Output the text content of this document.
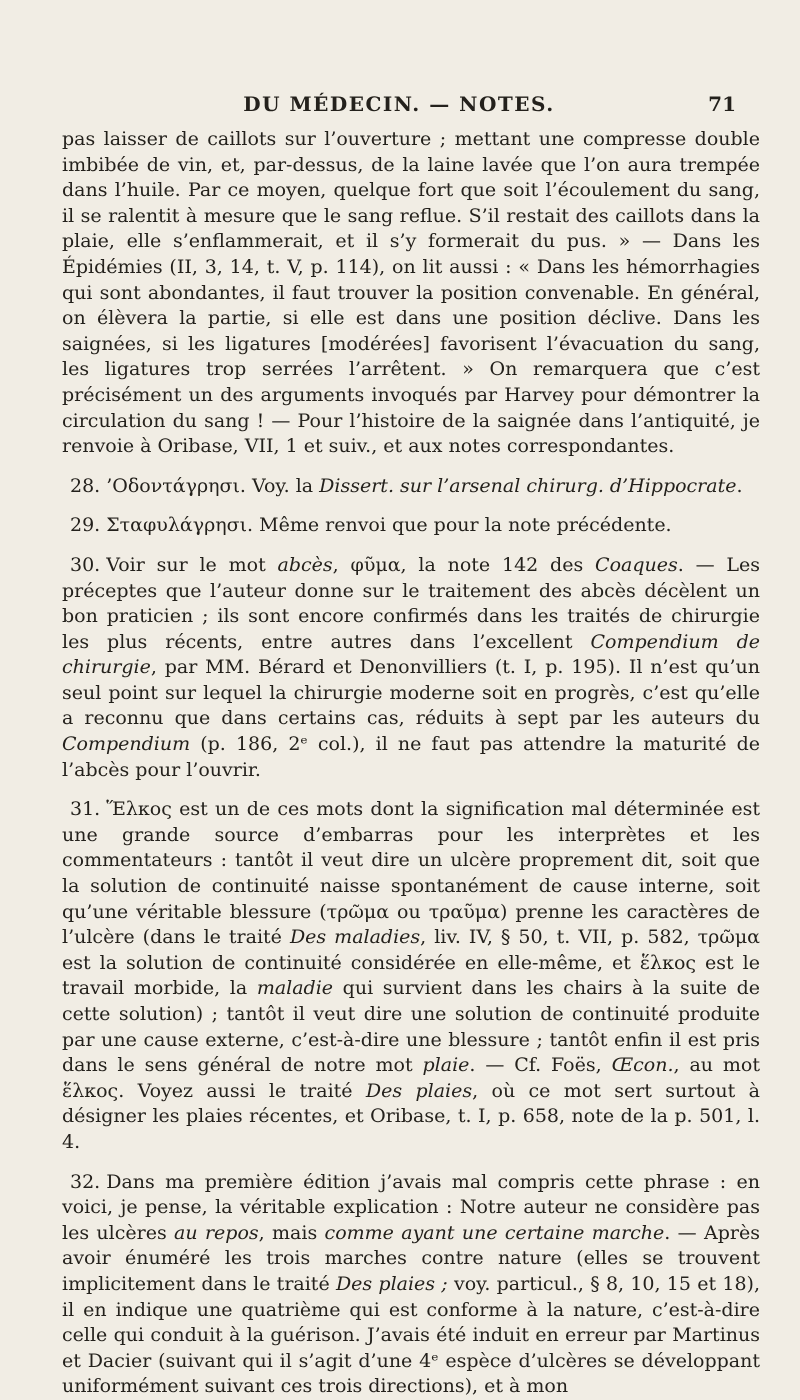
DU MÉDECIN. — NOTES.	71

pas laisser de caillots sur l’ouverture ; mettant une compresse double imbibée de vin, et, par-dessus, de la laine lavée que l’on aura trempée dans l’huile. Par ce moyen, quelque fort que soit l’écoulement du sang, il se ralentit à mesure que le sang reflue. S’il restait des caillots dans la plaie, elle s’enflammerait, et il s’y formerait du pus. » — Dans les Épidémies (II, 3, 14, t. V, p. 114), on lit aussi : « Dans les hémorrhagies qui sont abondantes, il faut trouver la position convenable. En général, on élèvera la partie, si elle est dans une position déclive. Dans les saignées, si les ligatures [modérées] favorisent l’évacuation du sang, les ligatures trop serrées l’arrêtent. » On remarquera que c’est précisément un des arguments invoqués par Harvey pour démontrer la circulation du sang ! — Pour l’histoire de la saignée dans l’antiquité, je renvoie à Oribase, VII, 1 et suiv., et aux notes correspondantes.

28. ’Οδοντάγρησι. Voy. la Dissert. sur l’arsenal chirurg. d’Hippocrate.

29. Σταφυλάγρησι. Même renvoi que pour la note précédente.

30. Voir sur le mot abcès, φῦμα, la note 142 des Coaques. — Les préceptes que l’auteur donne sur le traitement des abcès décèlent un bon praticien ; ils sont encore confirmés dans les traités de chirurgie les plus récents, entre autres dans l’excellent Compendium de chirurgie, par MM. Bérard et Denonvilliers (t. I, p. 195). Il n’est qu’un seul point sur lequel la chirurgie moderne soit en progrès, c’est qu’elle a reconnu que dans certains cas, réduits à sept par les auteurs du Compendium (p. 186, 2ᵉ col.), il ne faut pas attendre la maturité de l’abcès pour l’ouvrir.

31. Ἕλκος est un de ces mots dont la signification mal déterminée est une grande source d’embarras pour les interprètes et les commentateurs : tantôt il veut dire un ulcère proprement dit, soit que la solution de continuité naisse spontanément de cause interne, soit qu’une véritable blessure (τρῶμα ou τραῦμα) prenne les caractères de l’ulcère (dans le traité Des maladies, liv. IV, § 50, t. VII, p. 582, τρῶμα est la solution de continuité considérée en elle-même, et ἕλκος est le travail morbide, la maladie qui survient dans les chairs à la suite de cette solution) ; tantôt il veut dire une solution de continuité produite par une cause externe, c’est-à-dire une blessure ; tantôt enfin il est pris dans le sens général de notre mot plaie. — Cf. Foës, Œcon., au mot ἕλκος. Voyez aussi le traité Des plaies, où ce mot sert surtout à désigner les plaies récentes, et Oribase, t. I, p. 658, note de la p. 501, l. 4.

32. Dans ma première édition j’avais mal compris cette phrase : en voici, je pense, la véritable explication : Notre auteur ne considère pas les ulcères au repos, mais comme ayant une certaine marche. — Après avoir énuméré les trois marches contre nature (elles se trouvent implicitement dans le traité Des plaies ; voy. particul., § 8, 10, 15 et 18), il en indique une quatrième qui est conforme à la nature, c’est-à-dire celle qui conduit à la guérison. J’avais été induit en erreur par Martinus et Dacier (suivant qui il s’agit d’une 4ᵉ espèce d’ulcères se développant uniformément suivant ces trois directions), et à mon
